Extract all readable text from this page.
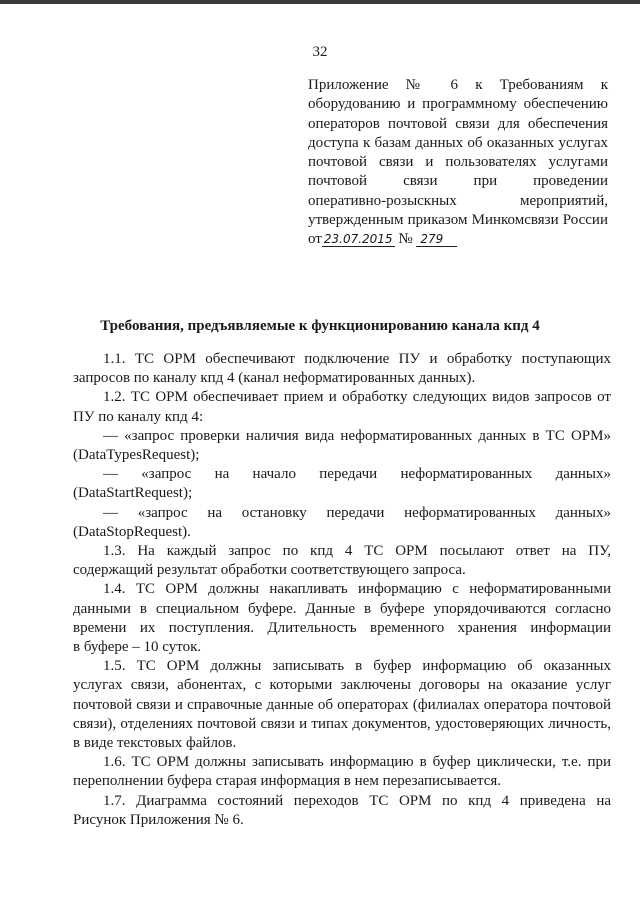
32
Приложение № 6 к Требованиям к
оборудованию и программному обеспечению
операторов почтовой связи для обеспечения
доступа к базам данных об оказанных услугах
почтовой связи и пользователях услугами
почтовой связи при проведении
оперативно-розыскных мероприятий,
утвержденным приказом Минкомсвязи России
от 23.07.2015 № 279
Требования, предъявляемые к функционированию канала кпд 4

1.1. ТС ОРМ обеспечивают подключение ПУ и обработку поступающих

запросов по каналу кпд 4 (канал неформатированных данных).

1.2. ТС ОРМ обеспечивает прием и обработку следующих видов запросов от

ПУ по каналу кпд 4:

— «запрос проверки наличия вида неформатированных данных в ТС ОРМ»

(DataTypesRequest);

— «запрос на начало передачи неформатированных данных»

(DataStartRequest);

— «запрос на остановку передачи неформатированных данных»

(DataStopRequest).

1.3. На каждый запрос по кпд 4 ТС ОРМ посылают ответ на ПУ,

содержащий результат обработки соответствующего запроса.

1.4. ТС ОРМ должны накапливать информацию с неформатированными

данными в специальном буфере. Данные в буфере упорядочиваются согласно

времени их поступления. Длительность временного хранения информации

в буфере – 10 суток.

1.5. ТС ОРМ должны записывать в буфер информацию об оказанных

услугах связи, абонентах, с которыми заключены договоры на оказание услуг

почтовой связи и справочные данные об операторах (филиалах оператора почтовой

связи), отделениях почтовой связи и типах документов, удостоверяющих личность,

в виде текстовых файлов.

1.6. ТС ОРМ должны записывать информацию в буфер циклически, т.е. при

переполнении буфера старая информация в нем перезаписывается.

1.7. Диаграмма состояний переходов ТС ОРМ по кпд 4 приведена на

Рисунок Приложения № 6.
